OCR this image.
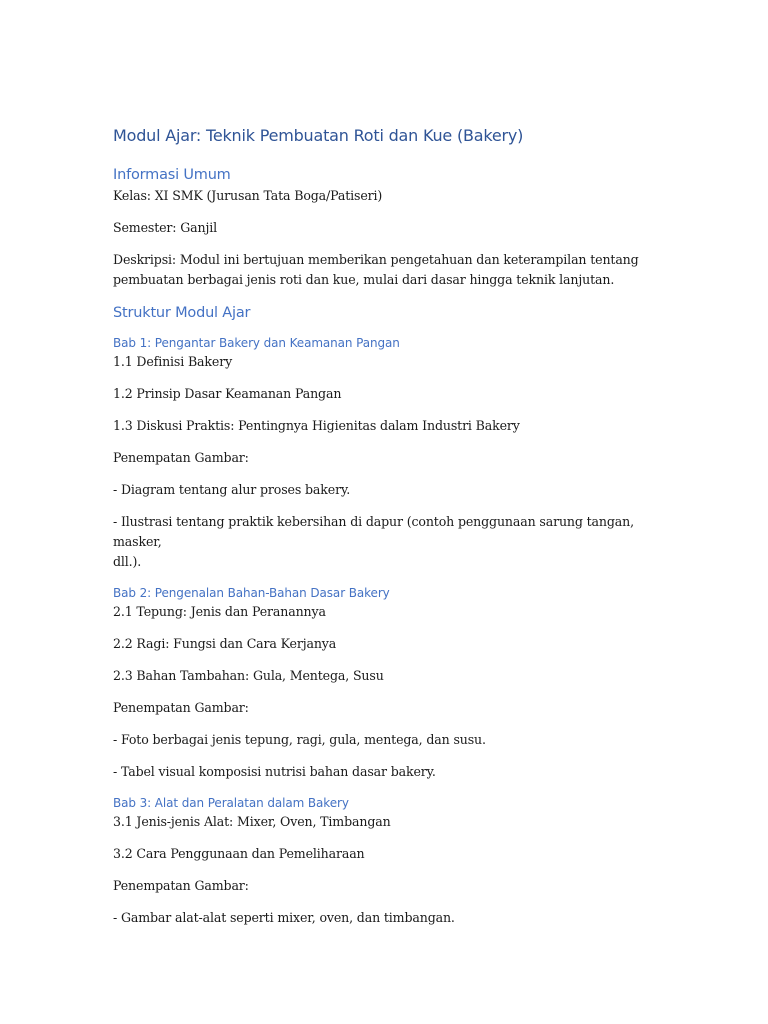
Modul Ajar: Teknik Pembuatan Roti dan Kue (Bakery)
Informasi Umum
Kelas: XI SMK (Jurusan Tata Boga/Patiseri)
Semester: Ganjil
Deskripsi: Modul ini bertujuan memberikan pengetahuan dan keterampilan tentang
pembuatan berbagai jenis roti dan kue, mulai dari dasar hingga teknik lanjutan.
Struktur Modul Ajar
Bab 1: Pengantar Bakery dan Keamanan Pangan
1.1 Definisi Bakery
1.2 Prinsip Dasar Keamanan Pangan
1.3 Diskusi Praktis: Pentingnya Higienitas dalam Industri Bakery
Penempatan Gambar:
- Diagram tentang alur proses bakery.
- Ilustrasi tentang praktik kebersihan di dapur (contoh penggunaan sarung tangan, masker,
dll.).
Bab 2: Pengenalan Bahan-Bahan Dasar Bakery
2.1 Tepung: Jenis dan Peranannya
2.2 Ragi: Fungsi dan Cara Kerjanya
2.3 Bahan Tambahan: Gula, Mentega, Susu
Penempatan Gambar:
- Foto berbagai jenis tepung, ragi, gula, mentega, dan susu.
- Tabel visual komposisi nutrisi bahan dasar bakery.
Bab 3: Alat dan Peralatan dalam Bakery
3.1 Jenis-jenis Alat: Mixer, Oven, Timbangan
3.2 Cara Penggunaan dan Pemeliharaan
Penempatan Gambar:
- Gambar alat-alat seperti mixer, oven, dan timbangan.
